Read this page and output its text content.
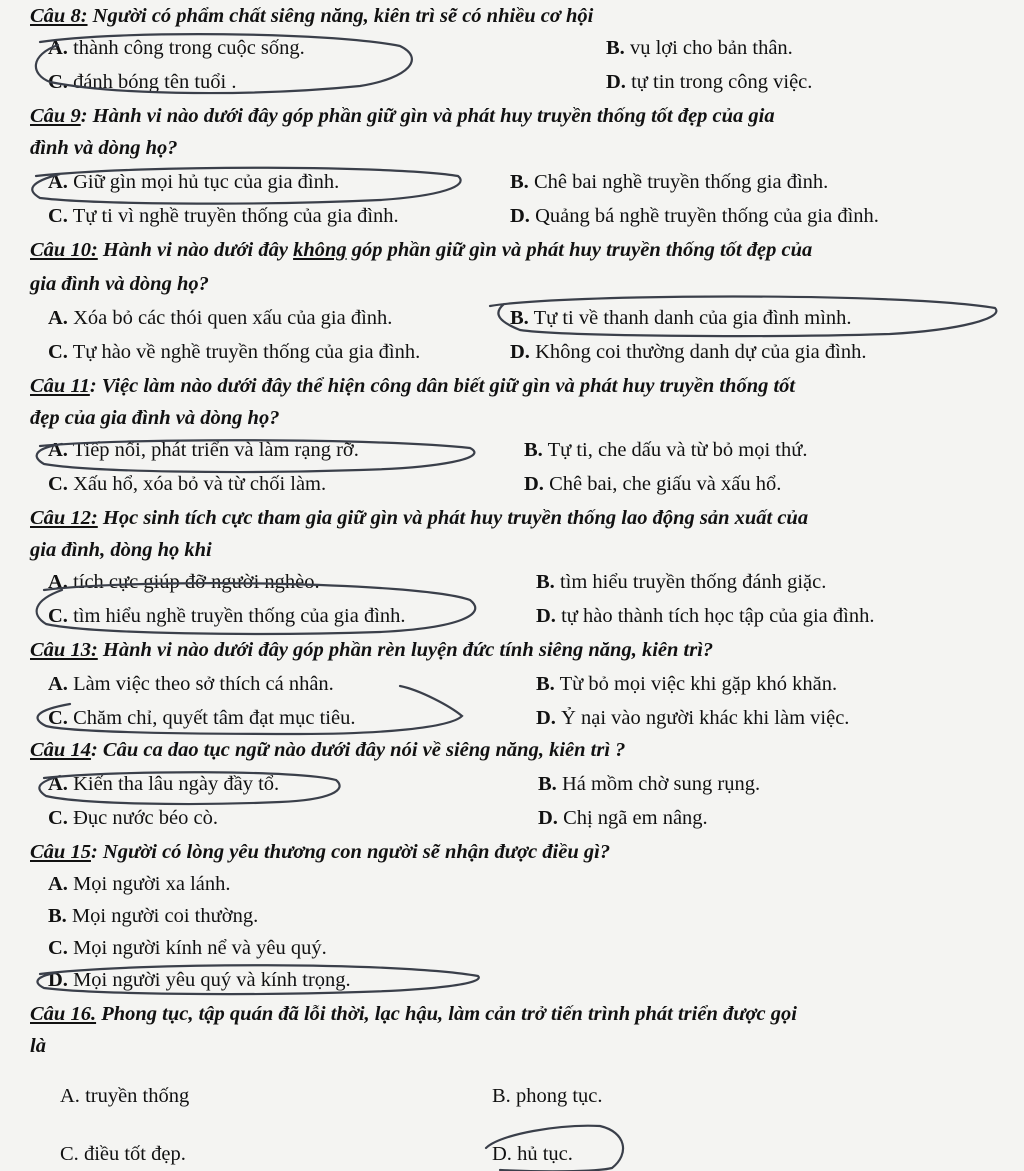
Câu 8: Người có phẩm chất siêng năng, kiên trì sẽ có nhiều cơ hội
A. thành công trong cuộc sống.	B. vụ lợi cho bản thân.
C. đánh bóng tên tuổi .	D. tự tin trong công việc.
Câu 9: Hành vi nào dưới đây góp phần giữ gìn và phát huy truyền thống tốt đẹp của gia
đình và dòng họ?
A. Giữ gìn mọi hủ tục của gia đình.	B. Chê bai nghề truyền thống gia đình.
C. Tự ti vì nghề truyền thống của gia đình.	D. Quảng bá nghề truyền thống của gia đình.
Câu 10: Hành vi nào dưới đây không góp phần giữ gìn và phát huy truyền thống tốt đẹp của
gia đình và dòng họ?
A. Xóa bỏ các thói quen xấu của gia đình.	B. Tự ti về thanh danh của gia đình mình.
C. Tự hào về nghề truyền thống của gia đình.	D. Không coi thường danh dự của gia đình.
Câu 11: Việc làm nào dưới đây thể hiện công dân biết giữ gìn và phát huy truyền thống tốt
đẹp của gia đình và dòng họ?
A. Tiếp nối, phát triển và làm rạng rỡ.	B. Tự ti, che dấu và từ bỏ mọi thứ.
C. Xấu hổ, xóa bỏ và từ chối làm.	D. Chê bai, che giấu và xấu hổ.
Câu 12: Học sinh tích cực tham gia giữ gìn và phát huy truyền thống lao động sản xuất của
gia đình, dòng họ khi
A. tích cực giúp đỡ người nghèo.	B. tìm hiểu truyền thống đánh giặc.
C. tìm hiểu nghề truyền thống của gia đình.	D. tự hào thành tích học tập của gia đình.
Câu 13: Hành vi nào dưới đây góp phần rèn luyện đức tính siêng năng, kiên trì?
A. Làm việc theo sở thích cá nhân.	B. Từ bỏ mọi việc khi gặp khó khăn.
C. Chăm chỉ, quyết tâm đạt mục tiêu.	D. Ỷ nại vào người khác khi làm việc.
Câu 14: Câu ca dao tục ngữ nào dưới đây nói về siêng năng, kiên trì ?
A. Kiến tha lâu ngày đầy tổ.	B. Há mồm chờ sung rụng.
C. Đục nước béo cò.	D. Chị ngã em nâng.
Câu 15: Người có lòng yêu thương con người sẽ nhận được điều gì?
A. Mọi người xa lánh.
B. Mọi người coi thường.
C. Mọi người kính nể và yêu quý.
D. Mọi người yêu quý và kính trọng.
Câu 16. Phong tục, tập quán đã lỗi thời, lạc hậu, làm cản trở tiến trình phát triển được gọi
là
A. truyền thống	B. phong tục.
C. điều tốt đẹp.	D. hủ tục.
